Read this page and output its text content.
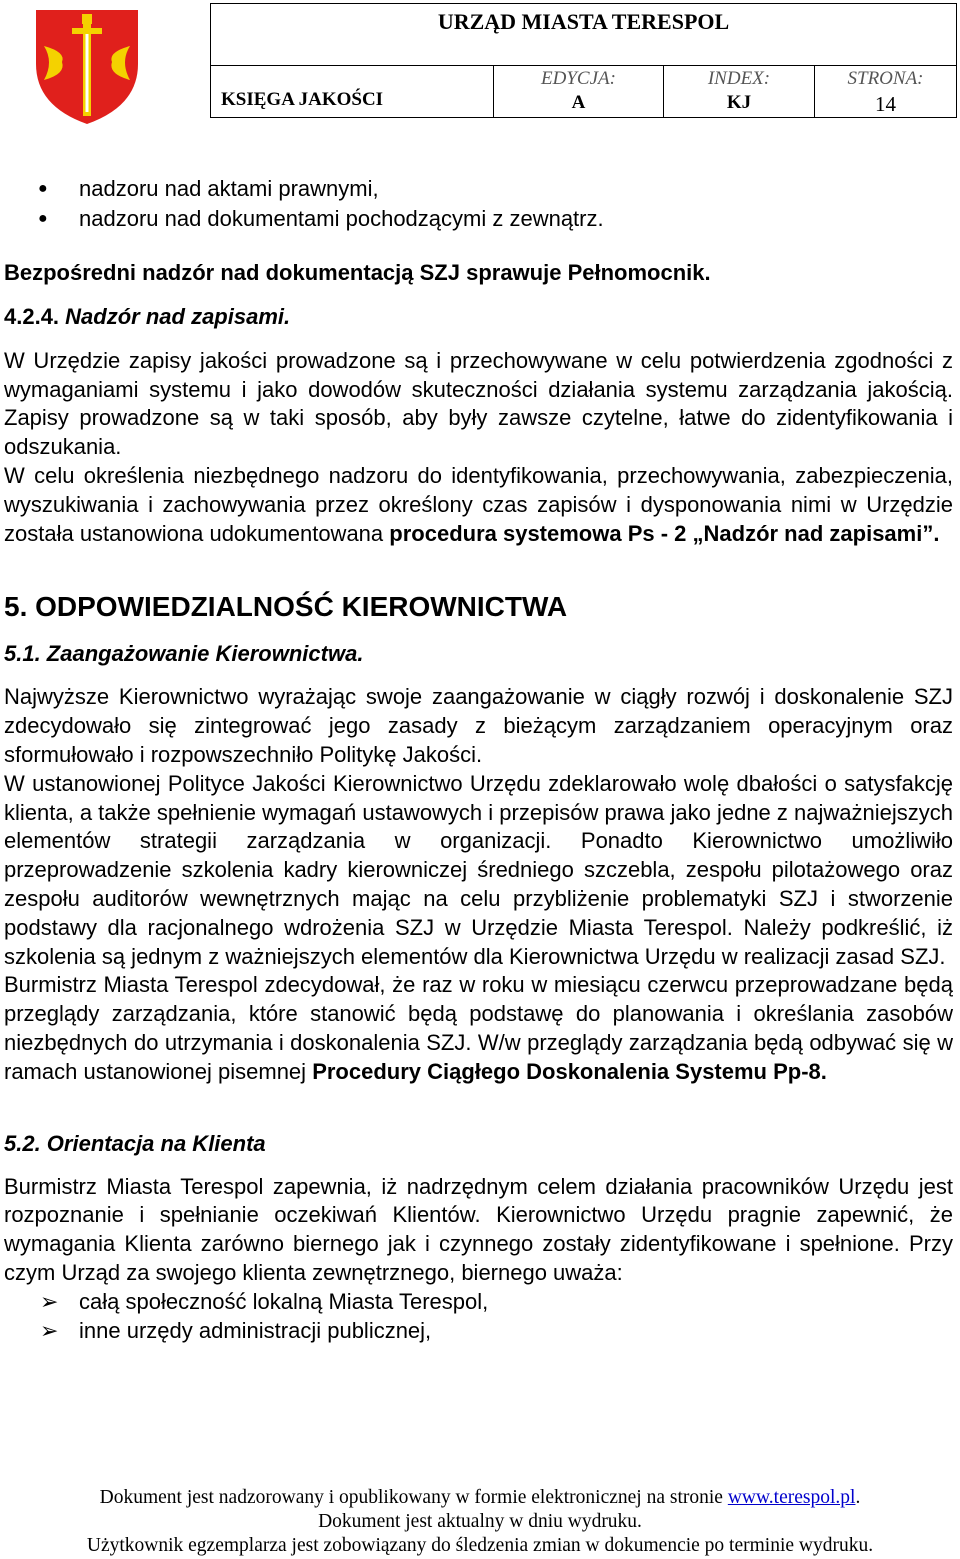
URZĄD MIASTA TERESPOL
KSIĘGA JAKOŚCI
EDYCJA:
A
INDEX:
KJ
STRONA:
14
●	nadzoru nad aktami prawnymi,
●	nadzoru nad dokumentami pochodzącymi z zewnątrz.

Bezpośredni nadzór nad dokumentacją SZJ sprawuje Pełnomocnik.

4.2.4. Nadzór nad zapisami.

W Urzędzie zapisy jakości prowadzone są i przechowywane w celu potwierdzenia zgodności z wymaganiami systemu i jako dowodów skuteczności działania systemu zarządzania jakością. Zapisy prowadzone są w taki sposób, aby były zawsze czytelne, łatwe do zidentyfikowania i odszukania.

W celu określenia niezbędnego nadzoru do identyfikowania, przechowywania, zabezpieczenia, wyszukiwania i zachowywania przez określony czas zapisów i dysponowania nimi w Urzędzie została ustanowiona udokumentowana procedura systemowa Ps - 2 „Nadzór nad zapisami”.

5. ODPOWIEDZIALNOŚĆ KIEROWNICTWA

5.1. Zaangażowanie Kierownictwa.

Najwyższe Kierownictwo wyrażając swoje zaangażowanie w ciągły rozwój i doskonalenie SZJ zdecydowało się zintegrować jego zasady z bieżącym zarządzaniem operacyjnym oraz sformułowało i rozpowszechniło Politykę Jakości.

W ustanowionej Polityce Jakości Kierownictwo Urzędu zdeklarowało wolę dbałości o satysfakcję klienta, a także spełnienie wymagań ustawowych i przepisów prawa jako jedne z najważniejszych elementów strategii zarządzania w organizacji. Ponadto Kierownictwo umożliwiło przeprowadzenie szkolenia kadry kierowniczej średniego szczebla, zespołu pilotażowego oraz zespołu auditorów wewnętrznych mając na celu przybliżenie problematyki SZJ i stworzenie podstawy dla racjonalnego wdrożenia SZJ w Urzędzie Miasta Terespol. Należy podkreślić, iż szkolenia są jednym z ważniejszych elementów dla Kierownictwa Urzędu w realizacji zasad SZJ.

Burmistrz Miasta Terespol zdecydował, że raz w roku w miesiącu czerwcu przeprowadzane będą przeglądy zarządzania, które stanowić będą podstawę do planowania i określania zasobów niezbędnych do utrzymania i doskonalenia SZJ. W/w przeglądy zarządzania będą odbywać się w ramach ustanowionej pisemnej Procedury Ciągłego Doskonalenia Systemu Pp-8.

5.2. Orientacja na Klienta

Burmistrz Miasta Terespol zapewnia, iż nadrzędnym celem działania pracowników Urzędu jest rozpoznanie i spełnianie oczekiwań Klientów. Kierownictwo Urzędu pragnie zapewnić, że wymagania Klienta zarówno biernego jak i czynnego zostały zidentyfikowane i spełnione. Przy czym Urząd za swojego klienta zewnętrznego, biernego uważa:

➢ całą społeczność lokalną Miasta Terespol,
➢ inne urzędy administracji publicznej,
Dokument jest nadzorowany i opublikowany w formie elektronicznej na stronie www.terespol.pl.
Dokument jest aktualny w dniu wydruku.
Użytkownik egzemplarza jest zobowiązany do śledzenia zmian w dokumencie po terminie wydruku.
